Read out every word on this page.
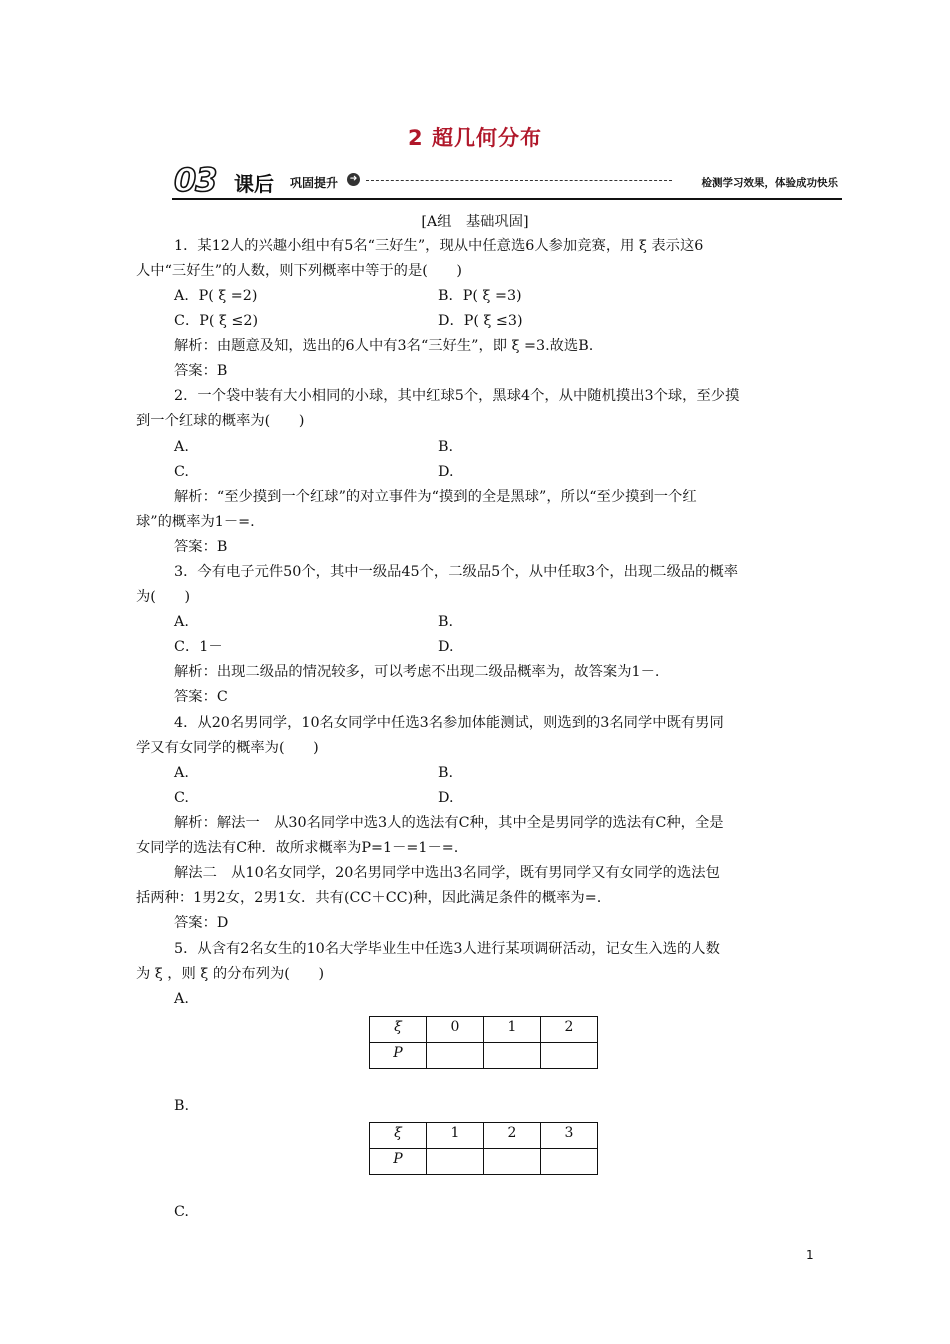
2 超几何分布
03 课后 巩固提升	➜	检测学习效果，体验成功快乐
[A组　基础巩固]
1．某12人的兴趣小组中有5名“三好生”，现从中任意选6人参加竞赛，用 ξ 表示这6
人中“三好生”的人数，则下列概率中等于的是(　　)
A．P( ξ =2)	B．P( ξ =3)
C．P( ξ ≤2)	D．P( ξ ≤3)
解析：由题意及知，选出的6人中有3名“三好生”，即 ξ =3.故选B.
答案：B
2．一个袋中装有大小相同的小球，其中红球5个，黑球4个，从中随机摸出3个球，至少摸
到一个红球的概率为(　　)
A.	B.
C.	D.
解析：“至少摸到一个红球”的对立事件为“摸到的全是黑球”，所以“至少摸到一个红
球”的概率为1－=.
答案：B
3．今有电子元件50个，其中一级品45个，二级品5个，从中任取3个，出现二级品的概率
为(　　)
A.	B.
C．1－	D.
解析：出现二级品的情况较多，可以考虑不出现二级品概率为，故答案为1－.
答案：C
4．从20名男同学，10名女同学中任选3名参加体能测试，则选到的3名同学中既有男同
学又有女同学的概率为(　　)
A.	B.
C.	D.
解析：解法一　从30名同学中选3人的选法有C种，其中全是男同学的选法有C种，全是
女同学的选法有C种．故所求概率为P=1－=1－=.
解法二　从10名女同学，20名男同学中选出3名同学，既有男同学又有女同学的选法包
括两种：1男2女，2男1女．共有(CC＋CC)种，因此满足条件的概率为=.
答案：D
5．从含有2名女生的10名大学毕业生中任选3人进行某项调研活动，记女生入选的人数
为 ξ ，则 ξ 的分布列为(　　)
A.
ξ	0	1	2
P			
B.
ξ	1	2	3
P			
C.
1
